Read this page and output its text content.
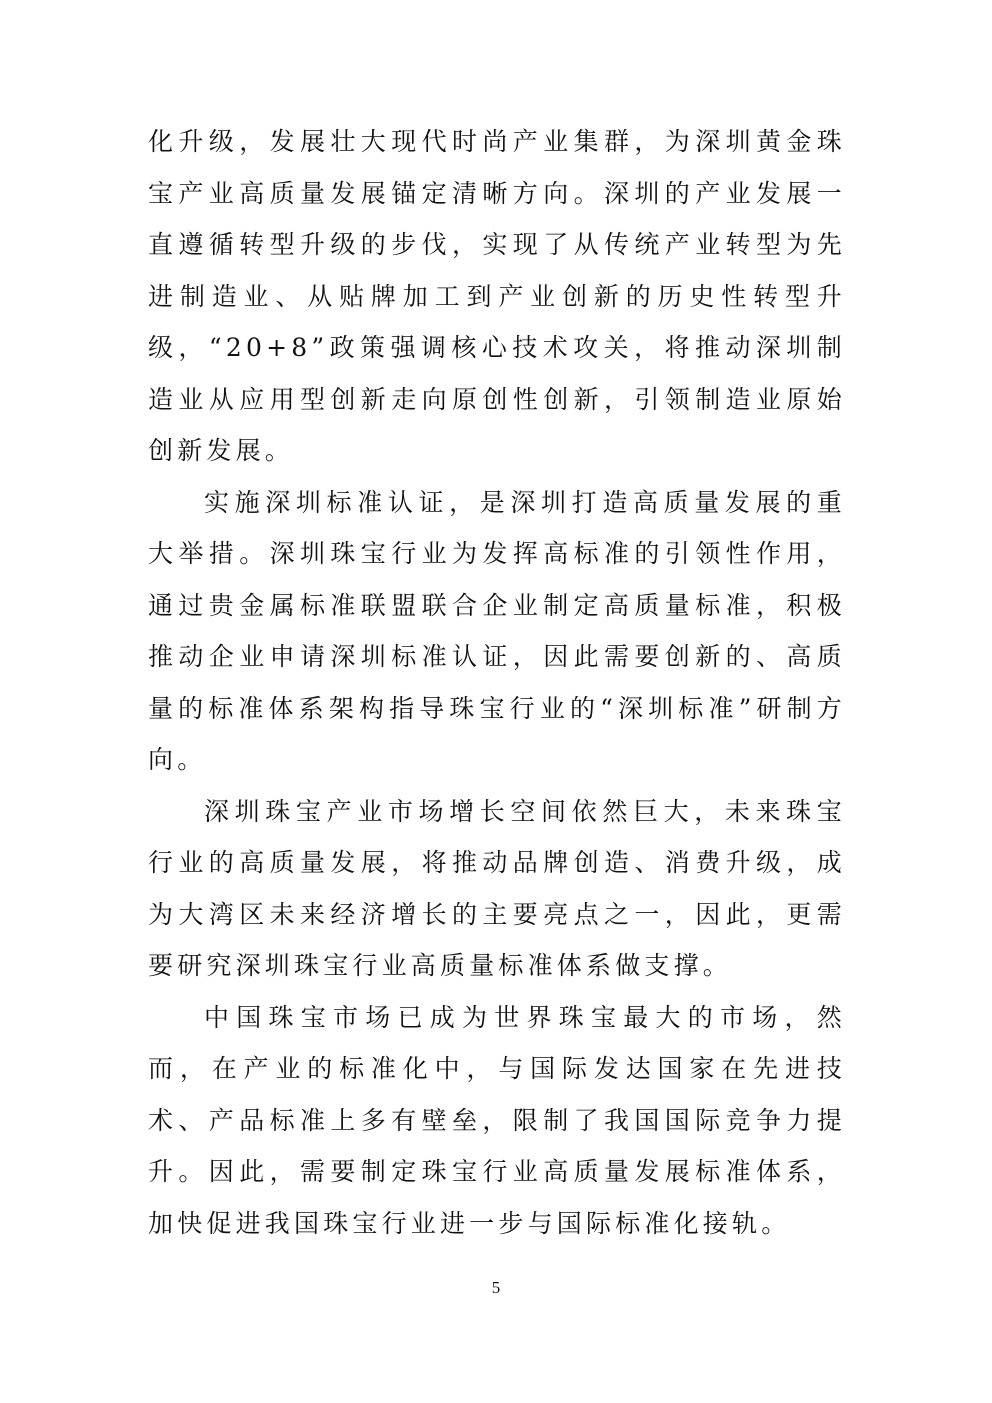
化升级，发展壮大现代时尚产业集群，为深圳黄金珠宝产业高质量发展锚定清晰方向。深圳的产业发展一直遵循转型升级的步伐，实现了从传统产业转型为先进制造业、从贴牌加工到产业创新的历史性转型升级，“20+8”政策强调核心技术攻关，将推动深圳制造业从应用型创新走向原创性创新，引领制造业原始创新发展。

实施深圳标准认证，是深圳打造高质量发展的重大举措。深圳珠宝行业为发挥高标准的引领性作用，通过贵金属标准联盟联合企业制定高质量标准，积极推动企业申请深圳标准认证，因此需要创新的、高质量的标准体系架构指导珠宝行业的“深圳标准”研制方向。

深圳珠宝产业市场增长空间依然巨大，未来珠宝行业的高质量发展，将推动品牌创造、消费升级，成为大湾区未来经济增长的主要亮点之一，因此，更需要研究深圳珠宝行业高质量标准体系做支撑。

中国珠宝市场已成为世界珠宝最大的市场，然而，在产业的标准化中，与国际发达国家在先进技术、产品标准上多有壁垒，限制了我国国际竞争力提升。因此，需要制定珠宝行业高质量发展标准体系，加快促进我国珠宝行业进一步与国际标准化接轨。

5
